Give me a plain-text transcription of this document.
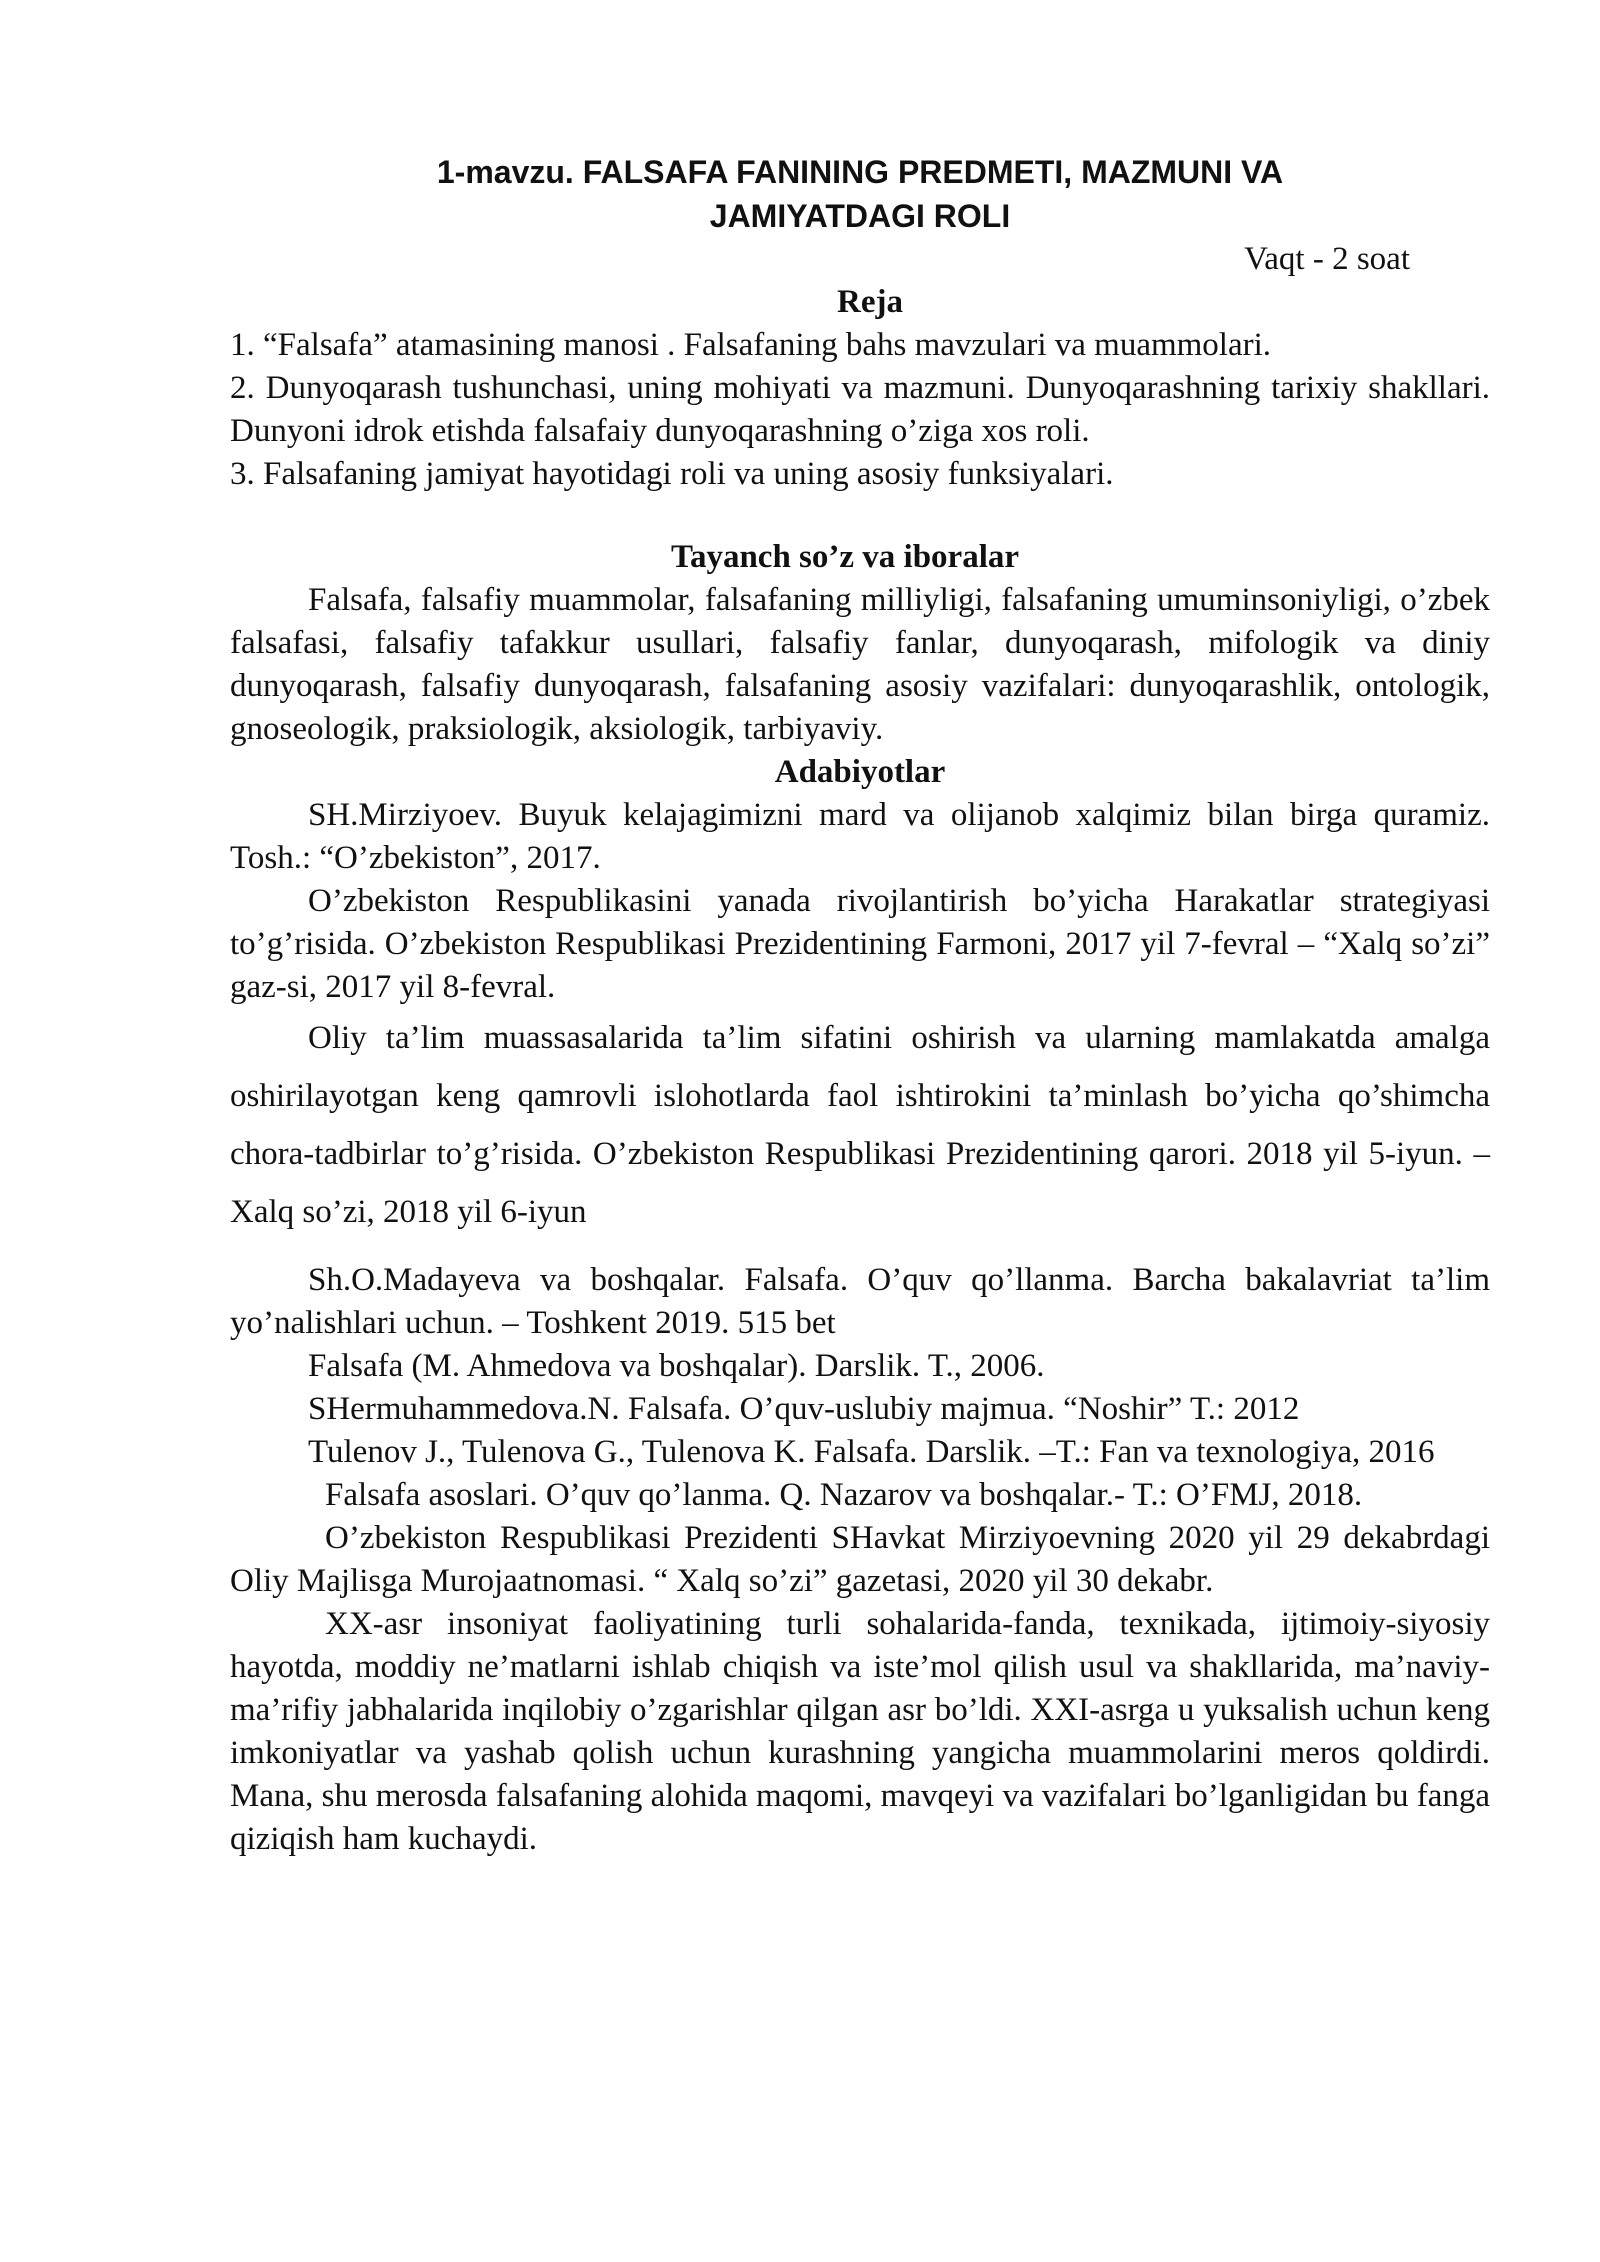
1-mavzu. FALSAFA FANINING PREDMETI, MAZMUNI VA
JAMIYATDAGI ROLI
Vaqt - 2 soat
Reja
1. “Falsafa” atamasining manosi . Falsafaning bahs mavzulari va muammolari.
2. Dunyoqarash tushunchasi, uning mohiyati va mazmuni. Dunyoqarashning tarixiy shakllari. Dunyoni idrok etishda falsafaiy dunyoqarashning o’ziga xos roli.
3. Falsafaning jamiyat hayotidagi roli va uning asosiy funksiyalari.
Tayanch so’z va iboralar
Falsafa, falsafiy muammolar, falsafaning milliyligi, falsafaning umuminsoniyligi, o’zbek falsafasi, falsafiy tafakkur usullari, falsafiy fanlar, dunyoqarash, mifologik va diniy dunyoqarash, falsafiy dunyoqarash, falsafaning asosiy vazifalari: dunyoqarashlik, ontologik, gnoseologik, praksiologik, aksiologik, tarbiyaviy.
Adabiyotlar
SH.Mirziyoev. Buyuk kelajagimizni mard va olijanob xalqimiz bilan birga quramiz. Tosh.: “O’zbekiston”, 2017.
O’zbekiston Respublikasini yanada rivojlantirish bo’yicha Harakatlar strategiyasi to’g’risida. O’zbekiston Respublikasi Prezidentining Farmoni, 2017 yil 7-fevral – “Xalq so’zi” gaz-si, 2017 yil 8-fevral.
Oliy ta’lim muassasalarida ta’lim sifatini oshirish va ularning mamlakatda amalga oshirilayotgan keng qamrovli islohotlarda faol ishtirokini ta’minlash bo’yicha qo’shimcha chora-tadbirlar to’g’risida. O’zbekiston Respublikasi Prezidentining qarori. 2018 yil 5-iyun. – Xalq so’zi, 2018 yil 6-iyun
Sh.O.Madayeva va boshqalar. Falsafa. O’quv qo’llanma. Barcha bakalavriat ta’lim yo’nalishlari uchun. – Toshkent 2019. 515 bet
Falsafa (M. Ahmedova va boshqalar). Darslik. T., 2006.
SHermuhammedova.N. Falsafa. O’quv-uslubiy majmua. “Noshir” T.: 2012
Tulenov J., Tulenova G., Tulenova K. Falsafa. Darslik. –T.: Fan va texnologiya, 2016
Falsafa asoslari. O’quv qo’lanma. Q. Nazarov va boshqalar.- T.: O’FMJ, 2018.
O’zbekiston Respublikasi Prezidenti SHavkat Mirziyoevning 2020 yil 29 dekabrdagi Oliy Majlisga Murojaatnomasi. “ Xalq so’zi” gazetasi, 2020 yil 30 dekabr.
XX-asr insoniyat faoliyatining turli sohalarida-fanda, texnikada, ijtimoiy-siyosiy hayotda, moddiy ne’matlarni ishlab chiqish va iste’mol qilish usul va shakllarida, ma’naviy-ma’rifiy jabhalarida inqilobiy o’zgarishlar qilgan asr bo’ldi. XXI-asrga u yuksalish uchun keng imkoniyatlar va yashab qolish uchun kurashning yangicha muammolarini meros qoldirdi. Mana, shu merosda falsafaning alohida maqomi, mavqeyi va vazifalari bo’lganligidan bu fanga qiziqish ham kuchaydi.
